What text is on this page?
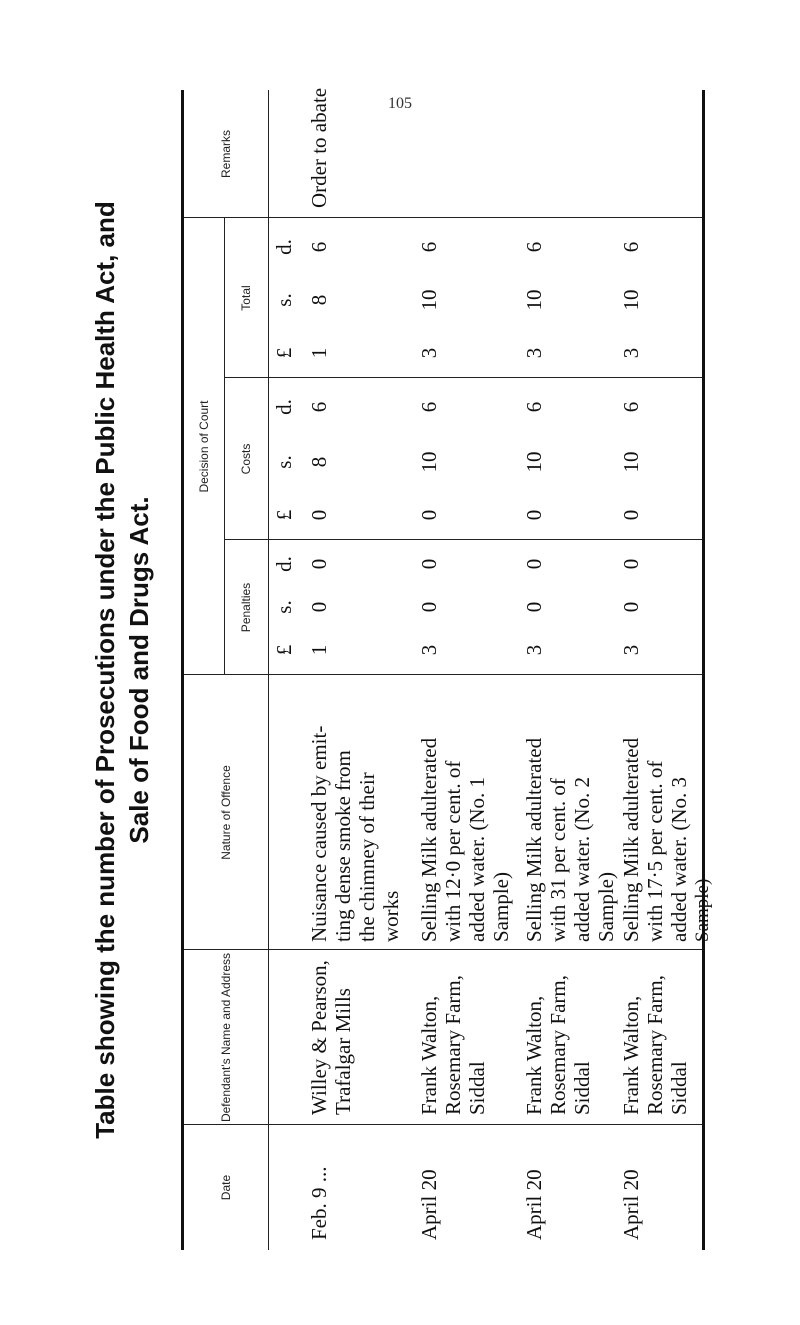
105
Table showing the number of Prosecutions under the Public Health Act, and Sale of Food and Drugs Act.
Date
Defendant's Name and Address
Nature of Offence
Decision of Court
Penalties
Costs
Total
Remarks
£
s.
d.
£
s.
d.
£
s.
d.
Feb. 9 ...
Willey & Pearson, Trafalgar Mills
Nuisance caused by emit- ting dense smoke from the chimney of their works
1
0
0
0
8
6
1
8
6
Order to abate
April 20
Frank Walton, Rosemary Farm, Siddal
Selling Milk adulterated with 12·0 per cent. of added water. (No. 1 Sample)
3
0
0
0
10
6
3
10
6
April 20
Frank Walton, Rosemary Farm, Siddal
Selling Milk adulterated with 31 per cent. of added water. (No. 2 Sample)
3
0
0
0
10
6
3
10
6
April 20
Frank Walton, Rosemary Farm, Siddal
Selling Milk adulterated with 17·5 per cent. of added water. (No. 3 Sample)
3
0
0
0
10
6
3
10
6
